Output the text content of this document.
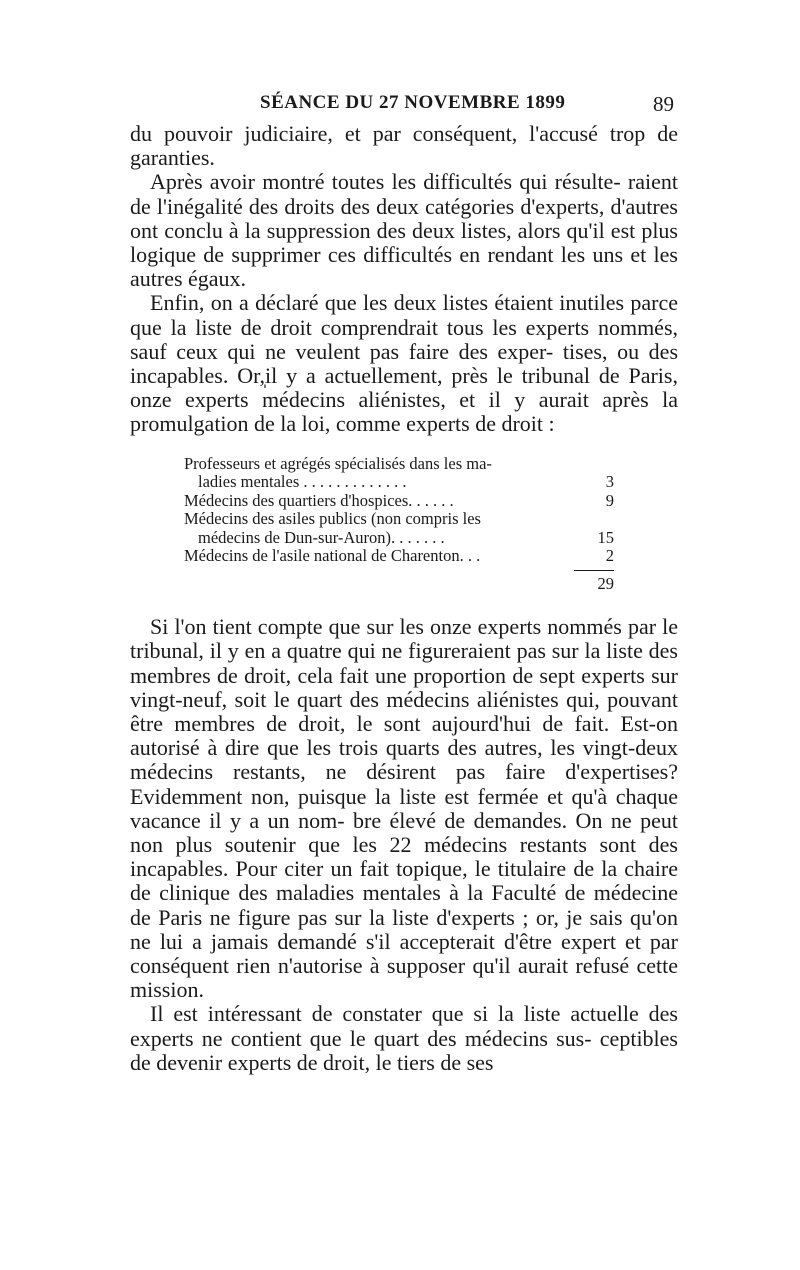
SÉANCE DU 27 NOVEMBRE 1899	89

du pouvoir judiciaire, et par conséquent, l'accusé trop de garanties.

Après avoir montré toutes les difficultés qui résulte- raient de l'inégalité des droits des deux catégories d'experts, d'autres ont conclu à la suppression des deux listes, alors qu'il est plus logique de supprimer ces difficultés en rendant les uns et les autres égaux.

Enfin, on a déclaré que les deux listes étaient inutiles parce que la liste de droit comprendrait tous les experts nommés, sauf ceux qui ne veulent pas faire des exper- tises, ou des incapables. Or,̩il y a actuellement, près le tribunal de Paris, onze experts médecins aliénistes, et il y aurait après la promulgation de la loi, comme experts de droit :

Professeurs et agrégés spécialisés dans les ma-
ladies mentales . . . . . . . . . . . . .	3
Médecins des quartiers d'hospices. . . . . .	9
Médecins des asiles publics (non compris les
médecins de Dun-sur-Auron). . . . . . .	15
Médecins de l'asile national de Charenton. . .	2
29

Si l'on tient compte que sur les onze experts nommés par le tribunal, il y en a quatre qui ne figureraient pas sur la liste des membres de droit, cela fait une proportion de sept experts sur vingt-neuf, soit le quart des médecins aliénistes qui, pouvant être membres de droit, le sont aujourd'hui de fait. Est-on autorisé à dire que les trois quarts des autres, les vingt-deux médecins restants, ne désirent pas faire d'expertises? Evidemment non, puisque la liste est fermée et qu'à chaque vacance il y a un nom- bre élevé de demandes. On ne peut non plus soutenir que les 22 médecins restants sont des incapables. Pour citer un fait topique, le titulaire de la chaire de clinique des maladies mentales à la Faculté de médecine de Paris ne figure pas sur la liste d'experts ; or, je sais qu'on ne lui a jamais demandé s'il accepterait d'être expert et par conséquent rien n'autorise à supposer qu'il aurait refusé cette mission.

Il est intéressant de constater que si la liste actuelle des experts ne contient que le quart des médecins sus- ceptibles de devenir experts de droit, le tiers de ses
